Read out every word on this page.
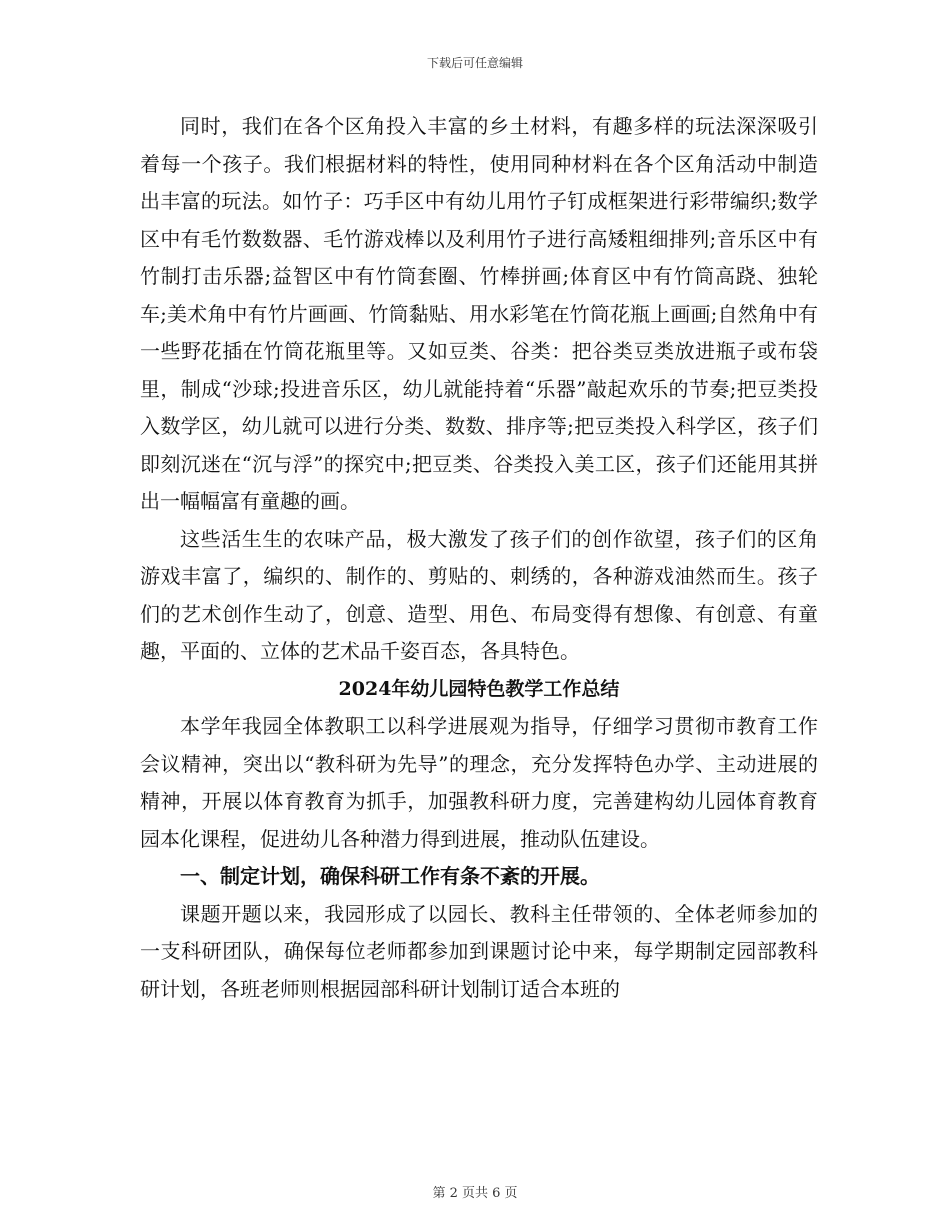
下载后可任意编辑

同时，我们在各个区角投入丰富的乡土材料，有趣多样的玩法深深吸引着每一个孩子。我们根据材料的特性，使用同种材料在各个区角活动中制造出丰富的玩法。如竹子：巧手区中有幼儿用竹子钉成框架进行彩带编织;数学区中有毛竹数数器、毛竹游戏棒以及利用竹子进行高矮粗细排列;音乐区中有竹制打击乐器;益智区中有竹筒套圈、竹棒拼画;体育区中有竹筒高跷、独轮车;美术角中有竹片画画、竹筒黏贴、用水彩笔在竹筒花瓶上画画;自然角中有一些野花插在竹筒花瓶里等。又如豆类、谷类：把谷类豆类放进瓶子或布袋里，制成“沙球;投进音乐区，幼儿就能持着“乐器”敲起欢乐的节奏;把豆类投入数学区，幼儿就可以进行分类、数数、排序等;把豆类投入科学区，孩子们即刻沉迷在“沉与浮”的探究中;把豆类、谷类投入美工区，孩子们还能用其拼出一幅幅富有童趣的画。

这些活生生的农味产品，极大激发了孩子们的创作欲望，孩子们的区角游戏丰富了，编织的、制作的、剪贴的、刺绣的，各种游戏油然而生。孩子们的艺术创作生动了，创意、造型、用色、布局变得有想像、有创意、有童趣，平面的、立体的艺术品千姿百态，各具特色。

2024年幼儿园特色教学工作总结

本学年我园全体教职工以科学进展观为指导，仔细学习贯彻市教育工作会议精神，突出以“教科研为先导”的理念，充分发挥特色办学、主动进展的精神，开展以体育教育为抓手，加强教科研力度，完善建构幼儿园体育教育园本化课程，促进幼儿各种潜力得到进展，推动队伍建设。

一、制定计划，确保科研工作有条不紊的开展。

课题开题以来，我园形成了以园长、教科主任带领的、全体老师参加的一支科研团队，确保每位老师都参加到课题讨论中来，每学期制定园部教科研计划，各班老师则根据园部科研计划制订适合本班的

第 2 页共 6 页
